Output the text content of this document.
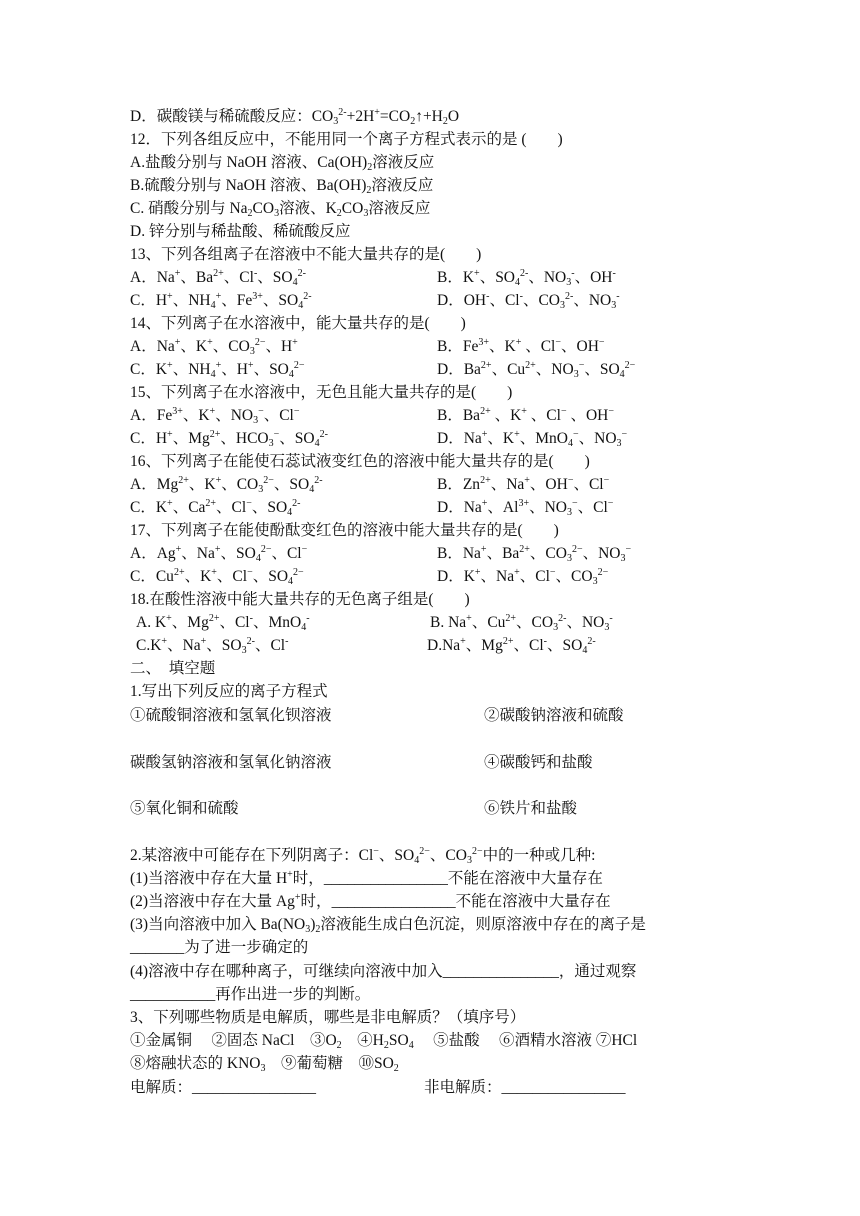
D．碳酸镁与稀硫酸反应：$CO_3^{2-}+2H^+=CO_2↑+H_2O$
12．下列各组反应中，不能用同一个离子方程式表示的是 (　　)
A.盐酸分别与 NaOH 溶液、$Ca(OH)_2$溶液反应
B.硫酸分别与 NaOH 溶液、$Ba(OH)_2$溶液反应
C. 硝酸分别与 $Na_2CO_3$溶液、$K_2CO_3$溶液反应
D. 锌分别与稀盐酸、稀硫酸反应
13、下列各组离子在溶液中不能大量共存的是(　　)
A．Na+、$Ba^{2+}$、Cl-、$SO_4^{2-}$	B．K+、$SO_4^{2-}$、$NO_3^-$、OH-
C．H+、$NH_4^+$、$Fe^{3+}$、$SO_4^{2-}$	D．OH-、Cl-、$CO_3^{2-}$、$NO_3^-$
14、下列离子在水溶液中，能大量共存的是(　　)
A．Na+、K+、$CO_3^{2-}$、H+	B．$Fe^{3+}$、K+ 、Cl−、OH−
C．K+、$NH_4^+$、H+、$SO_4^{2-}$	D．$Ba^{2+}$、$Cu^{2+}$、$NO_3^-$、$SO_4^{2-}$
15、下列离子在水溶液中，无色且能大量共存的是(　　)
A．$Fe^{3+}$、K+、$NO_3^-$、Cl−	B．$Ba^{2+}$ 、K+ 、Cl− 、OH−
C．H+、$Mg^{2+}$、$HCO_3^-$、$SO_4^{2-}$	D．Na+、K+、MnO$_4$−、$NO_3^-$
16、下列离子在能使石蕊试液变红色的溶液中能大量共存的是(　　)
A．$Mg^{2+}$、K+、$CO_3^{2-}$、$SO_4^{2-}$	B．$Zn^{2+}$、Na+、OH−、Cl−
C．K+、$Ca^{2+}$、Cl−、$SO_4^{2-}$	D．Na+、$Al^{3+}$、$NO_3^-$、Cl−
17、下列离子在能使酚酞变红色的溶液中能大量共存的是(　　)
A．Ag+、Na+、$SO_4^{2-}$、Cl−	B．Na+、$Ba^{2+}$、$CO_3^{2-}$、$NO_3^-$
C．$Cu^{2+}$、K+、Cl−、$SO_4^{2-}$	D．K+、Na+、Cl−、$CO_3^{2-}$
18.在酸性溶液中能大量共存的无色离子组是(　　)
A. K+、$Mg^{2+}$、Cl-、MnO$_4$-	B. Na+、$Cu^{2+}$、$CO_3^{2-}$、$NO_3^-$
C.K+、Na+、$SO_3^{2-}$、Cl-	D.Na+、$Mg^{2+}$、Cl-、$SO_4^{2-}$
二、　填空题
1.写出下列反应的离子方程式
①硫酸铜溶液和氢氧化钡溶液	②碳酸钠溶液和硫酸
碳酸氢钠溶液和氢氧化钠溶液	④碳酸钙和盐酸
⑤氧化铜和硫酸	⑥铁片和盐酸
2.某溶液中可能存在下列阴离子：Cl−、$SO_4^{2-}$、$CO_3^{2-}$中的一种或几种:
(1)当溶液中存在大量 H+时，________________不能在溶液中大量存在
(2)当溶液中存在大量 Ag+时，________________不能在溶液中大量存在
(3)当向溶液中加入 $Ba(NO_3)_2$溶液能生成白色沉淀，则原溶液中存在的离子是
_______为了进一步确定的
(4)溶液中存在哪种离子，可继续向溶液中加入_______________，通过观察
___________再作出进一步的判断。
3、下列哪些物质是电解质，哪些是非电解质？（填序号）
①金属铜　 ②固态 NaCl　$③O_2$　$④H_2SO_4$　 ⑤盐酸　 ⑥酒精水溶液 ⑦HCl
⑧熔融状态的 $KNO_3$　⑨葡萄糖　$⑩SO_2$
电解质：________________	非电解质：________________
